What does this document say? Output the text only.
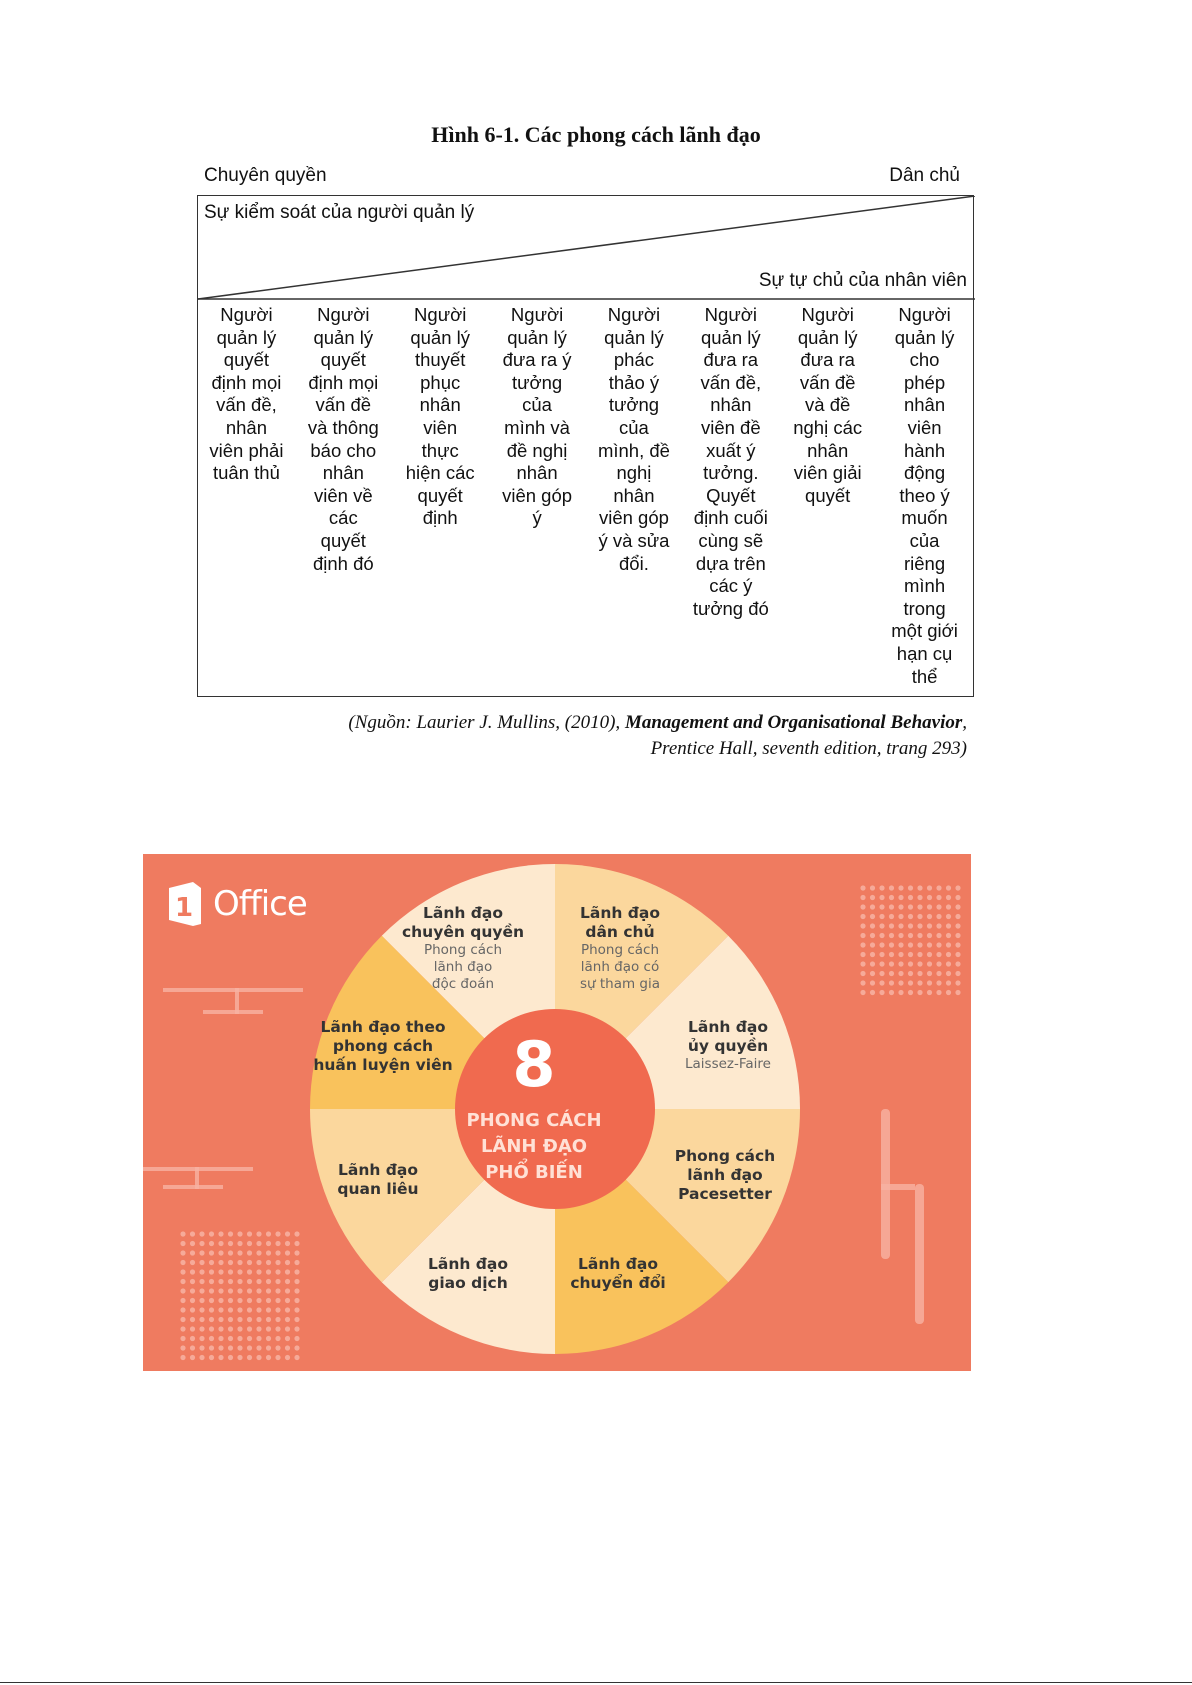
Hình 6-1. Các phong cách lãnh đạo
Chuyên quyền	Dân chủ
Sự kiểm soát của người quản lý
Sự tự chủ của nhân viên
Người
quản lý
quyết
định mọi
vấn đề,
nhân
viên phải
tuân thủ
Người
quản lý
quyết
định mọi
vấn đề
và thông
báo cho
nhân
viên về
các
quyết
định đó
Người
quản lý
thuyết
phục
nhân
viên
thực
hiện các
quyết
định
Người
quản lý
đưa ra ý
tưởng
của
mình và
đề nghị
nhân
viên góp
ý
Người
quản lý
phác
thảo ý
tưởng
của
mình, đề
nghị
nhân
viên góp
ý và sửa
đổi.
Người
quản lý
đưa ra
vấn đề,
nhân
viên đề
xuất ý
tưởng.
Quyết
định cuối
cùng sẽ
dựa trên
các ý
tưởng đó
Người
quản lý
đưa ra
vấn đề
và đề
nghị các
nhân
viên giải
quyết
Người
quản lý
cho
phép
nhân
viên
hành
động
theo ý
muốn
của
riêng
mình
trong
một giới
hạn cụ
thể
(Nguồn: Laurier J. Mullins, (2010), Management and Organisational Behavior,
Prentice Hall, seventh edition, trang 293)
1 Office	Lãnh đạo
chuyên quyền
Phong cách
lãnh đạo
độc đoán
Lãnh đạo
dân chủ
Phong cách
lãnh đạo có
sự tham gia
Lãnh đạo
ủy quyền
Laissez-Faire
Phong cách
lãnh đạo
Pacesetter
Lãnh đạo
chuyển đổi
Lãnh đạo
giao dịch
Lãnh đạo
quan liêu
Lãnh đạo theo
phong cách
huấn luyện viên 8
PHONG CÁCH
LÃNH ĐẠO
PHỔ BIẾN
